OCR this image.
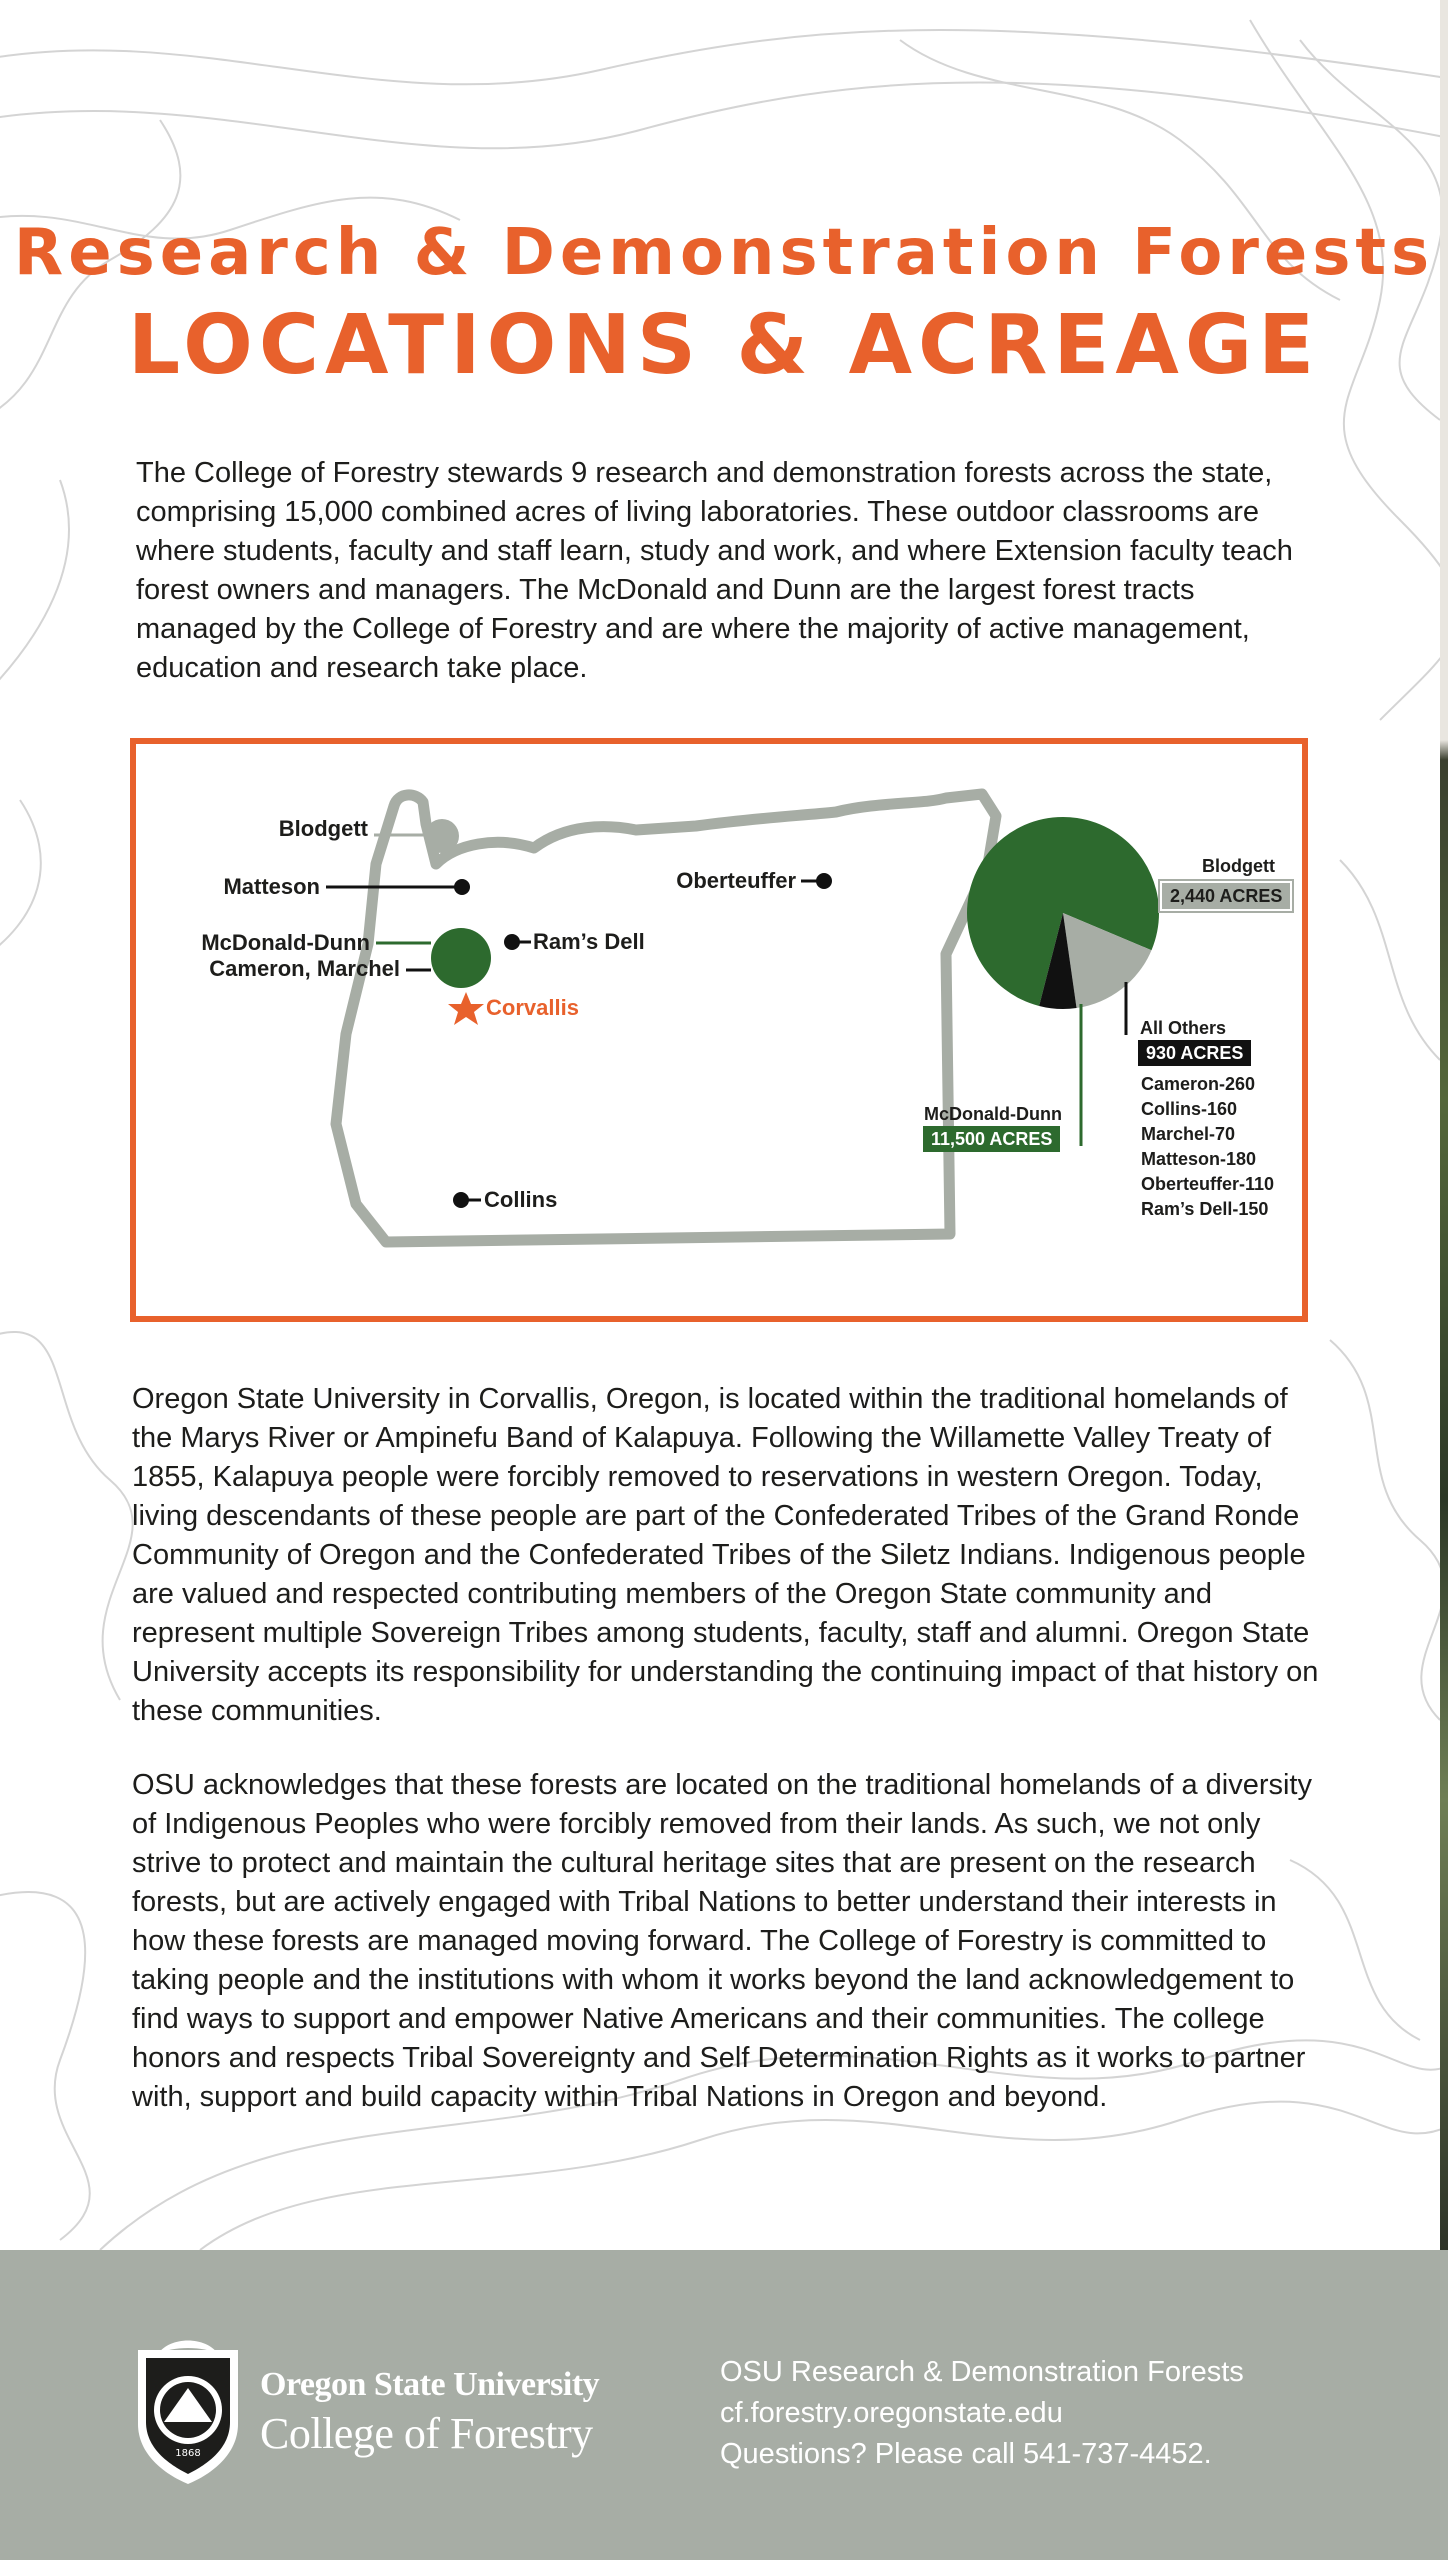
Research & Demonstration Forests
LOCATIONS & ACREAGE

The College of Forestry stewards 9 research and demonstration forests across the state, comprising 15,000 combined acres of living laboratories. These outdoor classrooms are where students, faculty and staff learn, study and work, and where Extension faculty teach forest owners and managers. The McDonald and Dunn are the largest forest tracts managed by the College of Forestry and are where the majority of active management, education and research take place.

Blodgett
Matteson
McDonald-Dunn
Cameron, Marchel
Corvallis
Ram’s Dell
Oberteuffer
Collins
Blodgett
2,440 ACRES
All Others
930 ACRES
Cameron-260
Collins-160
Marchel-70
Matteson-180
Oberteuffer-110
Ram’s Dell-150
McDonald-Dunn
11,500 ACRES

Oregon State University in Corvallis, Oregon, is located within the traditional homelands of the Marys River or Ampinefu Band of Kalapuya. Following the Willamette Valley Treaty of 1855, Kalapuya people were forcibly removed to reservations in western Oregon. Today, living descendants of these people are part of the Confederated Tribes of the Grand Ronde Community of Oregon and the Confederated Tribes of the Siletz Indians. Indigenous people are valued and respected contributing members of the Oregon State community and represent multiple Sovereign Tribes among students, faculty, staff and alumni. Oregon State University accepts its responsibility for understanding the continuing impact of that history on these communities.

OSU acknowledges that these forests are located on the traditional homelands of a diversity of Indigenous Peoples who were forcibly removed from their lands. As such, we not only strive to protect and maintain the cultural heritage sites that are present on the research forests, but are actively engaged with Tribal Nations to better understand their interests in how these forests are managed moving forward. The College of Forestry is committed to taking people and the institutions with whom it works beyond the land acknowledgement to find ways to support and empower Native Americans and their communities. The college honors and respects Tribal Sovereignty and Self Determination Rights as it works to partner with, support and build capacity within Tribal Nations in Oregon and beyond.

1868
Oregon State University
College of Forestry
OSU Research & Demonstration Forests
cf.forestry.oregonstate.edu
Questions? Please call 541-737-4452.
